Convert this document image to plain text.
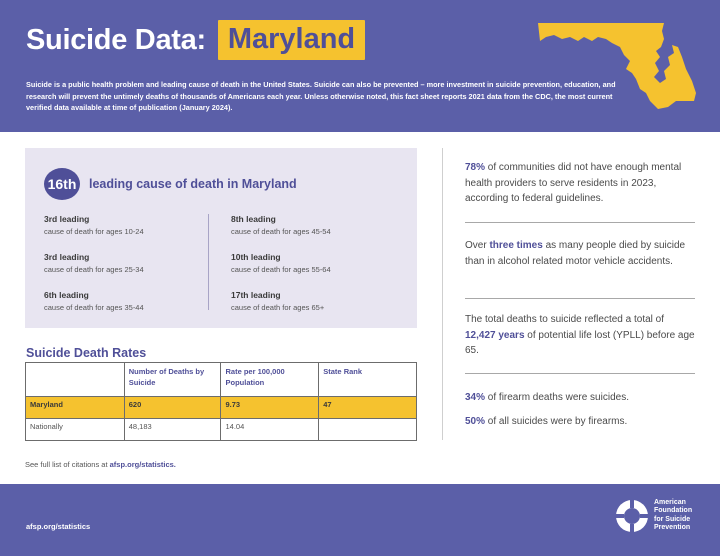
Suicide Data: Maryland
Suicide is a public health problem and leading cause of death in the United States. Suicide can also be prevented – more investment in suicide prevention, education, and research will prevent the untimely deaths of thousands of Americans each year. Unless otherwise noted, this fact sheet reports 2021 data from the CDC, the most current verified data available at time of publication (January 2024).
16th leading cause of death in Maryland
3rd leading
cause of death for ages 10-24
3rd leading
cause of death for ages 25-34
6th leading
cause of death for ages 35-44
8th leading
cause of death for ages 45-54
10th leading
cause of death for ages 55-64
17th leading
cause of death for ages 65+
Suicide Death Rates
	Number of Deaths by Suicide	Rate per 100,000 Population	State Rank
Maryland	620	9.73	47
Nationally	48,183	14.04	
See full list of citations at afsp.org/statistics.
78% of communities did not have enough mental health providers to serve residents in 2023, according to federal guidelines.
Over three times as many people died by suicide than in alcohol related motor vehicle accidents.
The total deaths to suicide reflected a total of 12,427 years of potential life lost (YPLL) before age 65.
34% of firearm deaths were suicides.
50% of all suicides were by firearms.
afsp.org/statistics
American
Foundation
for Suicide
Prevention
